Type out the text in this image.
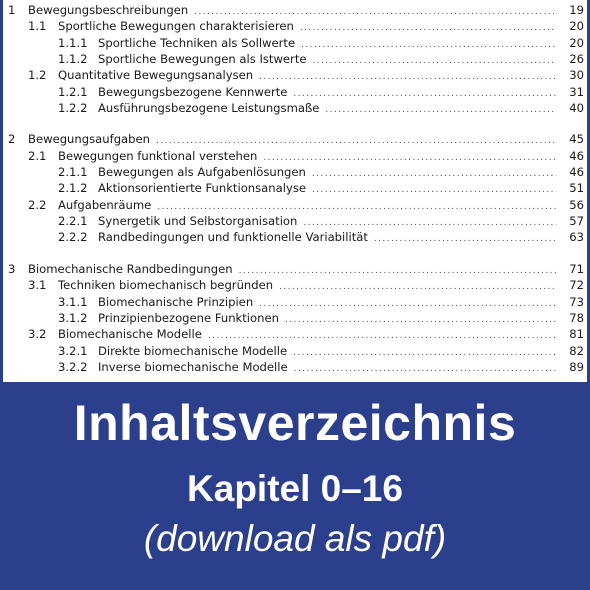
1	Bewegungsbeschreibungen .....	19
1.1 Sportliche Bewegungen charakterisieren .....	20
1.1.1 Sportliche Techniken als Sollwerte .....	20
1.1.2 Sportliche Bewegungen als Istwerte .....	26
1.2 Quantitative Bewegungsanalysen .....	30
1.2.1 Bewegungsbezogene Kennwerte .....	31
1.2.2 Ausführungsbezogene Leistungsmaße .....	40
2	Bewegungsaufgaben .....	45
2.1 Bewegungen funktional verstehen .....	46
2.1.1 Bewegungen als Aufgabenlösungen .....	46
2.1.2 Aktionsorientierte Funktionsanalyse .....	51
2.2 Aufgabenräume .....	56
2.2.1 Synergetik und Selbstorganisation .....	57
2.2.2 Randbedingungen und funktionelle Variabilität .....	63
3	Biomechanische Randbedingungen .....	71
3.1 Techniken biomechanisch begründen .....	72
3.1.1 Biomechanische Prinzipien .....	73
3.1.2 Prinzipienbezogene Funktionen .....	78
3.2 Biomechanische Modelle .....	81
3.2.1 Direkte biomechanische Modelle .....	82
3.2.2 Inverse biomechanische Modelle .....	89
Inhaltsverzeichnis
Kapitel 0–16
(download als pdf)
